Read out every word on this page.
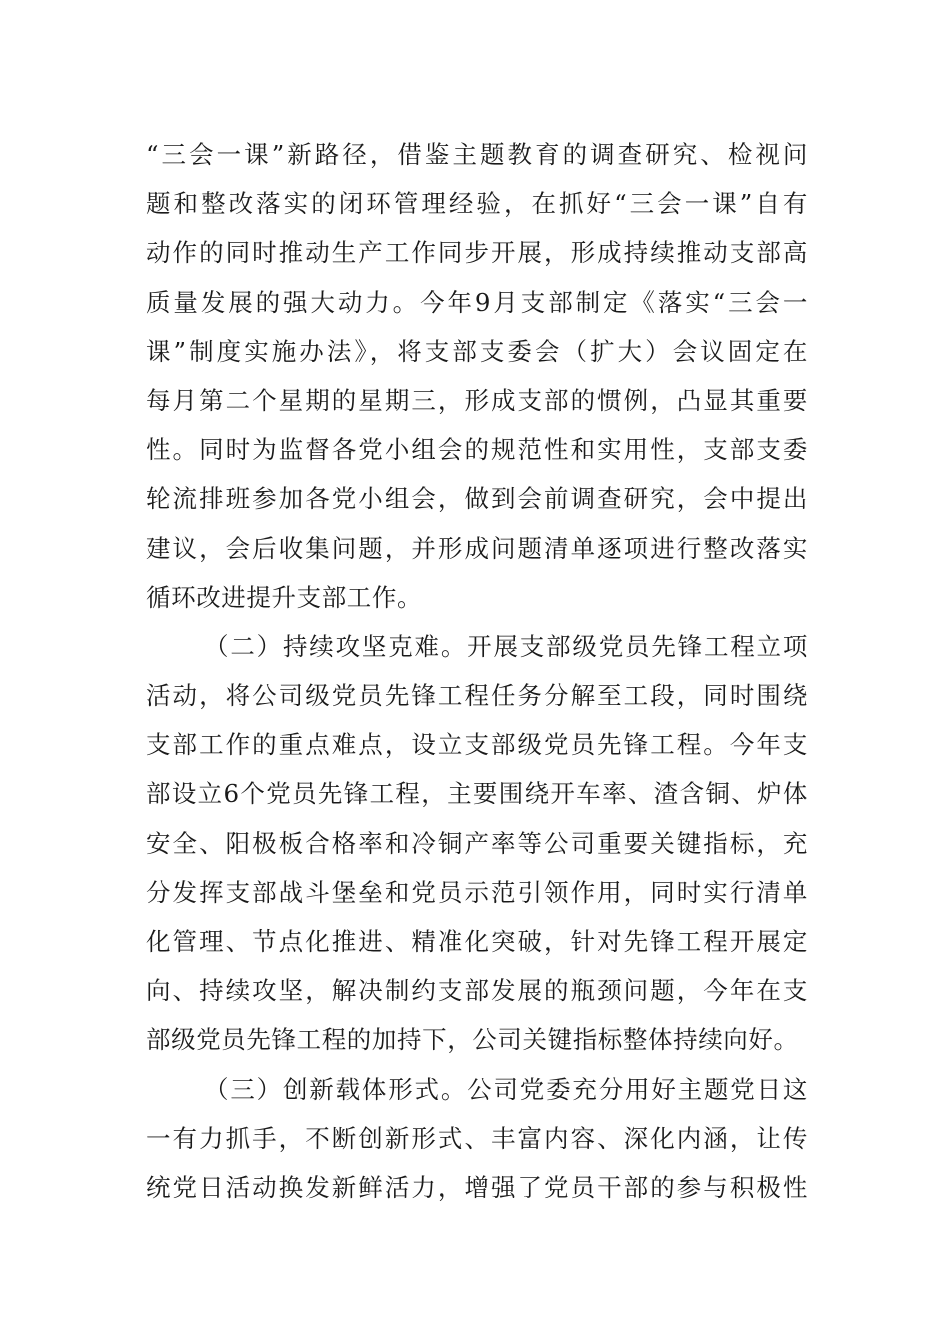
“三会一课”新路径，借鉴主题教育的调查研究、检视问
题和整改落实的闭环管理经验，在抓好“三会一课”自有
动作的同时推动生产工作同步开展，形成持续推动支部高
质量发展的强大动力。今年9月支部制定《落实“三会一
课”制度实施办法》，将支部支委会（扩大）会议固定在
每月第二个星期的星期三，形成支部的惯例，凸显其重要
性。同时为监督各党小组会的规范性和实用性，支部支委
轮流排班参加各党小组会，做到会前调查研究，会中提出
建议，会后收集问题，并形成问题清单逐项进行整改落实
循环改进提升支部工作。
（二）持续攻坚克难。开展支部级党员先锋工程立项
活动，将公司级党员先锋工程任务分解至工段，同时围绕
支部工作的重点难点，设立支部级党员先锋工程。今年支
部设立6个党员先锋工程，主要围绕开车率、渣含铜、炉体
安全、阳极板合格率和冷铜产率等公司重要关键指标，充
分发挥支部战斗堡垒和党员示范引领作用，同时实行清单
化管理、节点化推进、精准化突破，针对先锋工程开展定
向、持续攻坚，解决制约支部发展的瓶颈问题，今年在支
部级党员先锋工程的加持下，公司关键指标整体持续向好。
（三）创新载体形式。公司党委充分用好主题党日这
一有力抓手，不断创新形式、丰富内容、深化内涵，让传
统党日活动换发新鲜活力，增强了党员干部的参与积极性
